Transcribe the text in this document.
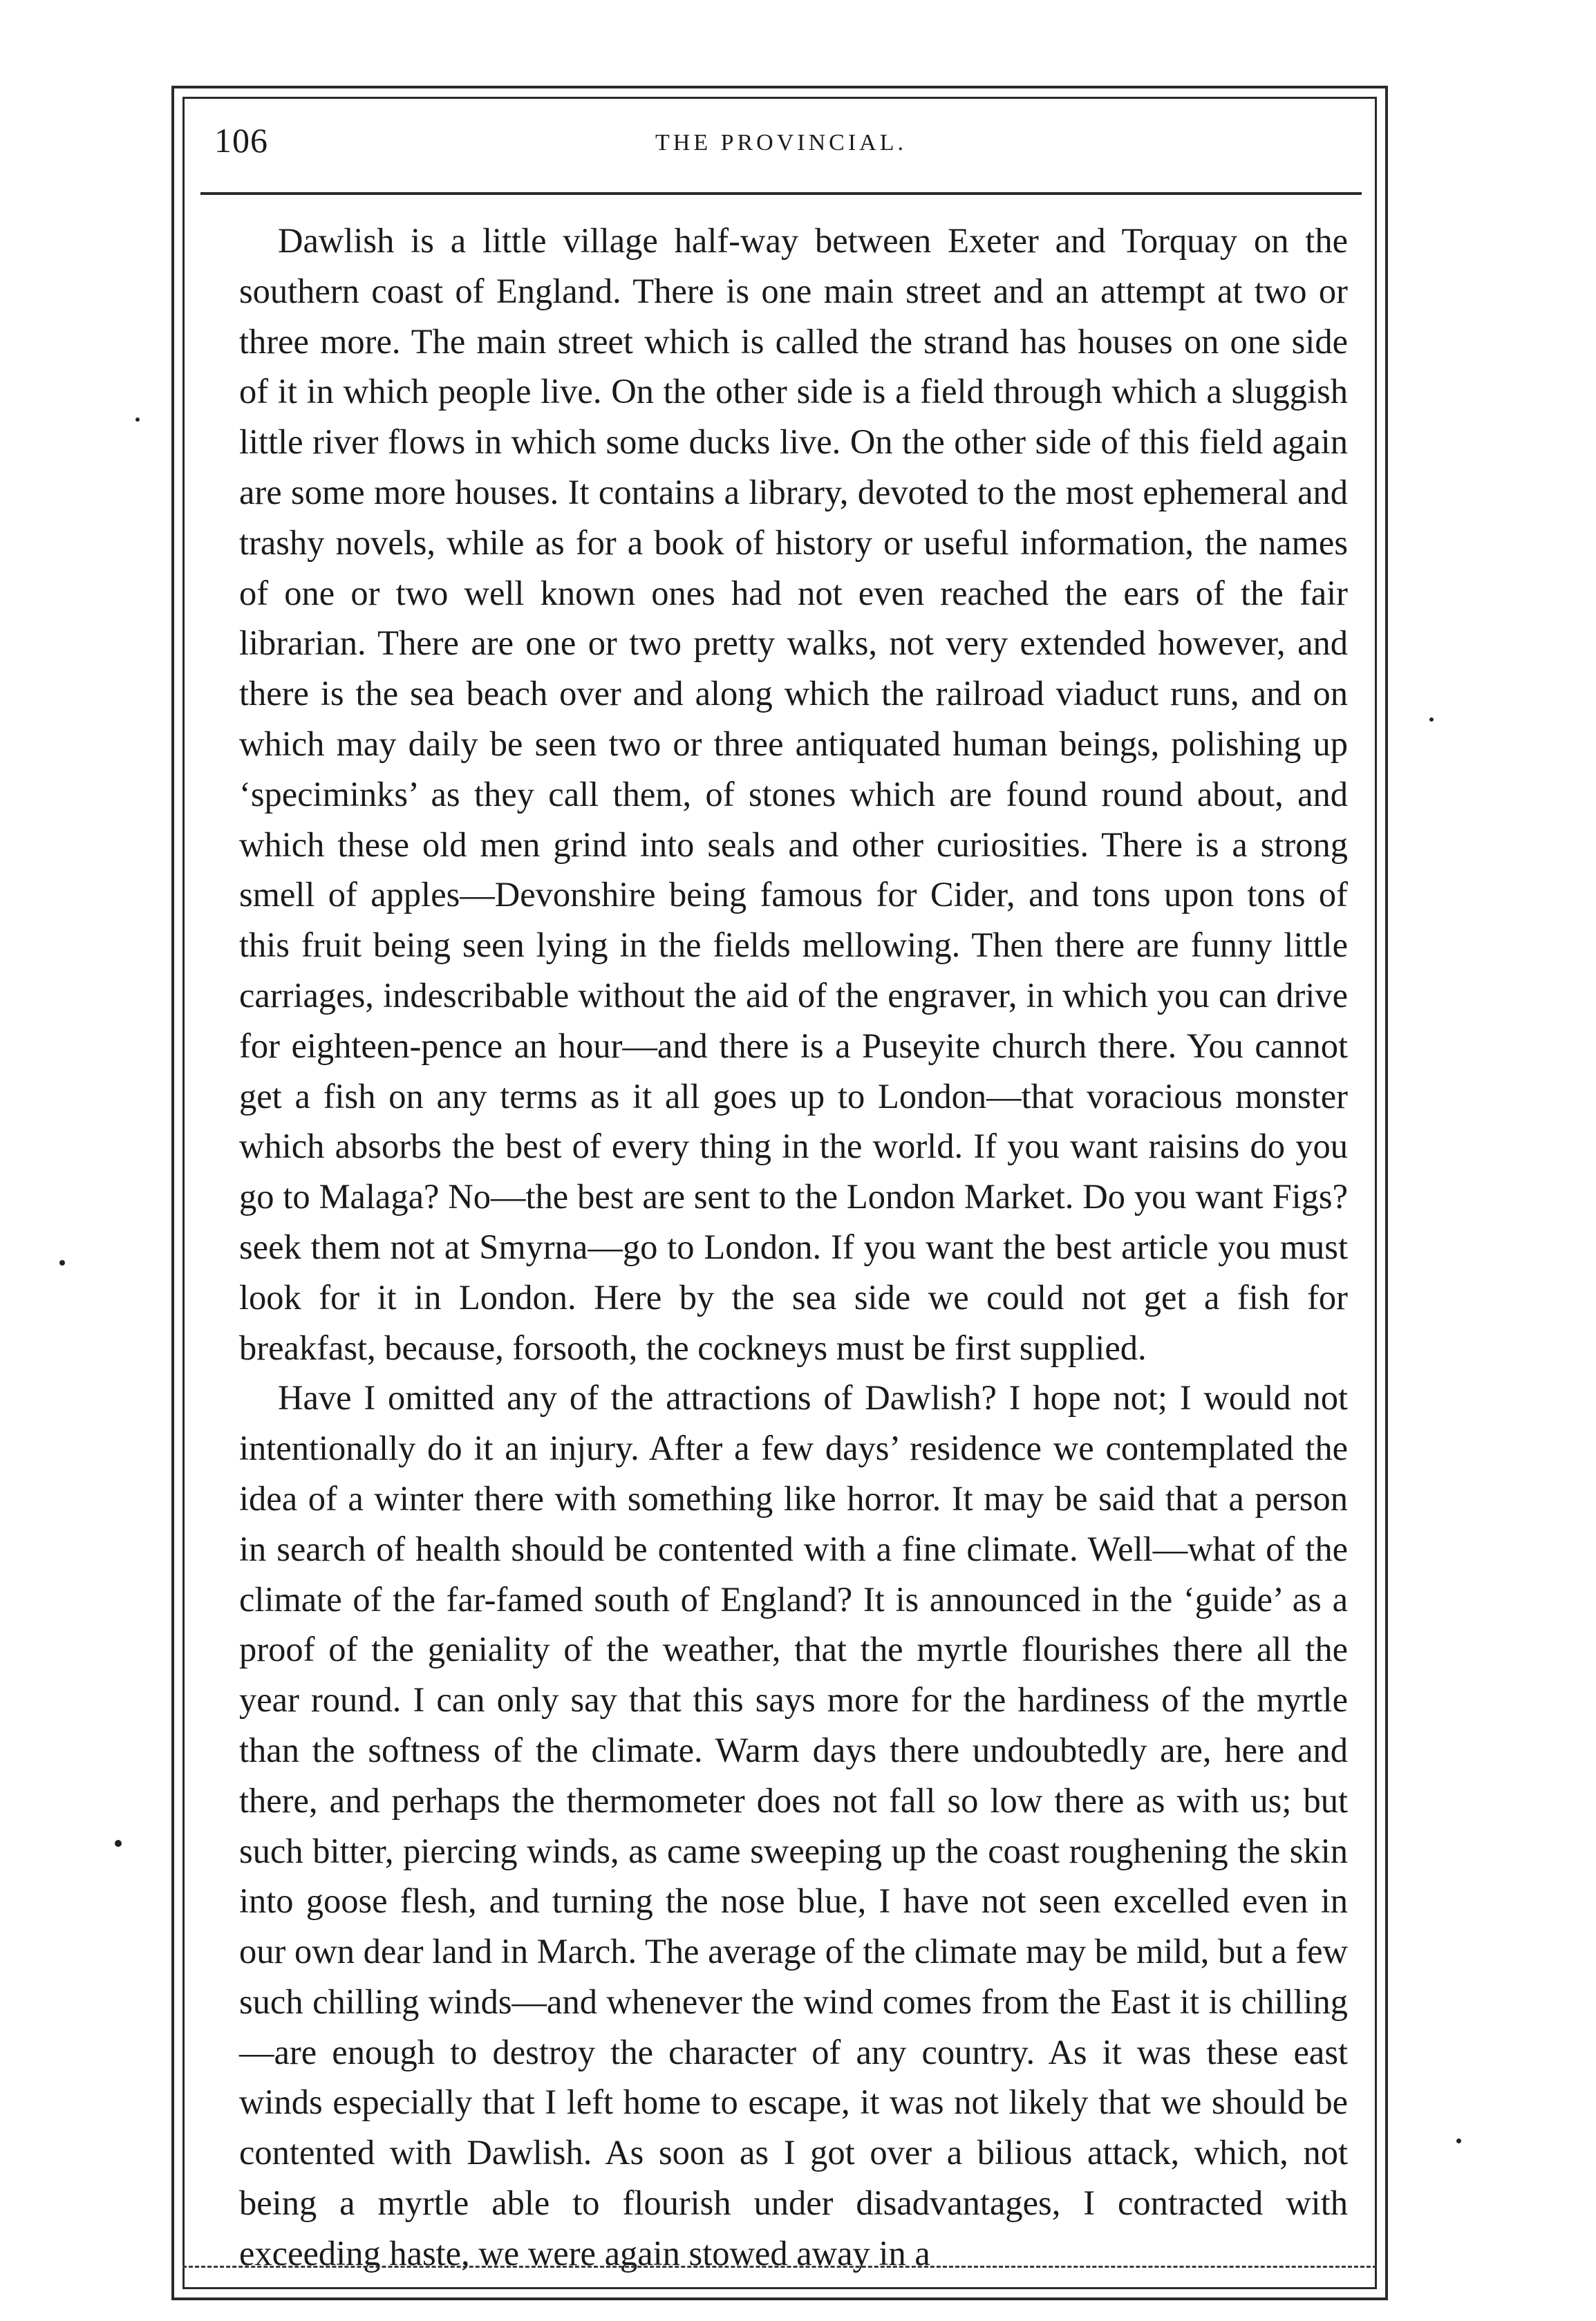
106	THE PROVINCIAL.

Dawlish is a little village half-way between Exeter and Torquay on the southern coast of England. There is one main street and an attempt at two or three more. The main street which is called the strand has houses on one side of it in which people live. On the other side is a field through which a sluggish little river flows in which some ducks live. On the other side of this field again are some more houses. It contains a library, devoted to the most ephemeral and trashy novels, while as for a book of history or useful information, the names of one or two well known ones had not even reached the ears of the fair librarian. There are one or two pretty walks, not very extended however, and there is the sea beach over and along which the railroad viaduct runs, and on which may daily be seen two or three antiquated human beings, polishing up ‘speciminks’ as they call them, of stones which are found round about, and which these old men grind into seals and other curiosities. There is a strong smell of apples—Devonshire being famous for Cider, and tons upon tons of this fruit being seen lying in the fields mellowing. Then there are funny little carriages, indescribable without the aid of the engraver, in which you can drive for eighteen-pence an hour—and there is a Puseyite church there. You cannot get a fish on any terms as it all goes up to London—that voracious monster which absorbs the best of every thing in the world. If you want raisins do you go to Malaga? No—the best are sent to the London Market. Do you want Figs? seek them not at Smyrna—go to London. If you want the best article you must look for it in London. Here by the sea side we could not get a fish for breakfast, because, forsooth, the cockneys must be first supplied.

Have I omitted any of the attractions of Dawlish? I hope not; I would not intentionally do it an injury. After a few days’ residence we contemplated the idea of a winter there with something like horror. It may be said that a person in search of health should be contented with a fine climate. Well—what of the climate of the far-famed south of England? It is announced in the ‘guide’ as a proof of the geniality of the weather, that the myrtle flourishes there all the year round. I can only say that this says more for the hardiness of the myrtle than the softness of the climate. Warm days there undoubtedly are, here and there, and perhaps the thermometer does not fall so low there as with us; but such bitter, piercing winds, as came sweeping up the coast roughening the skin into goose flesh, and turning the nose blue, I have not seen excelled even in our own dear land in March. The average of the climate may be mild, but a few such chilling winds—and whenever the wind comes from the East it is chilling—are enough to destroy the character of any country. As it was these east winds especially that I left home to escape, it was not likely that we should be contented with Dawlish. As soon as I got over a bilious attack, which, not being a myrtle able to flourish under disadvantages, I contracted with exceeding haste, we were again stowed away in a
